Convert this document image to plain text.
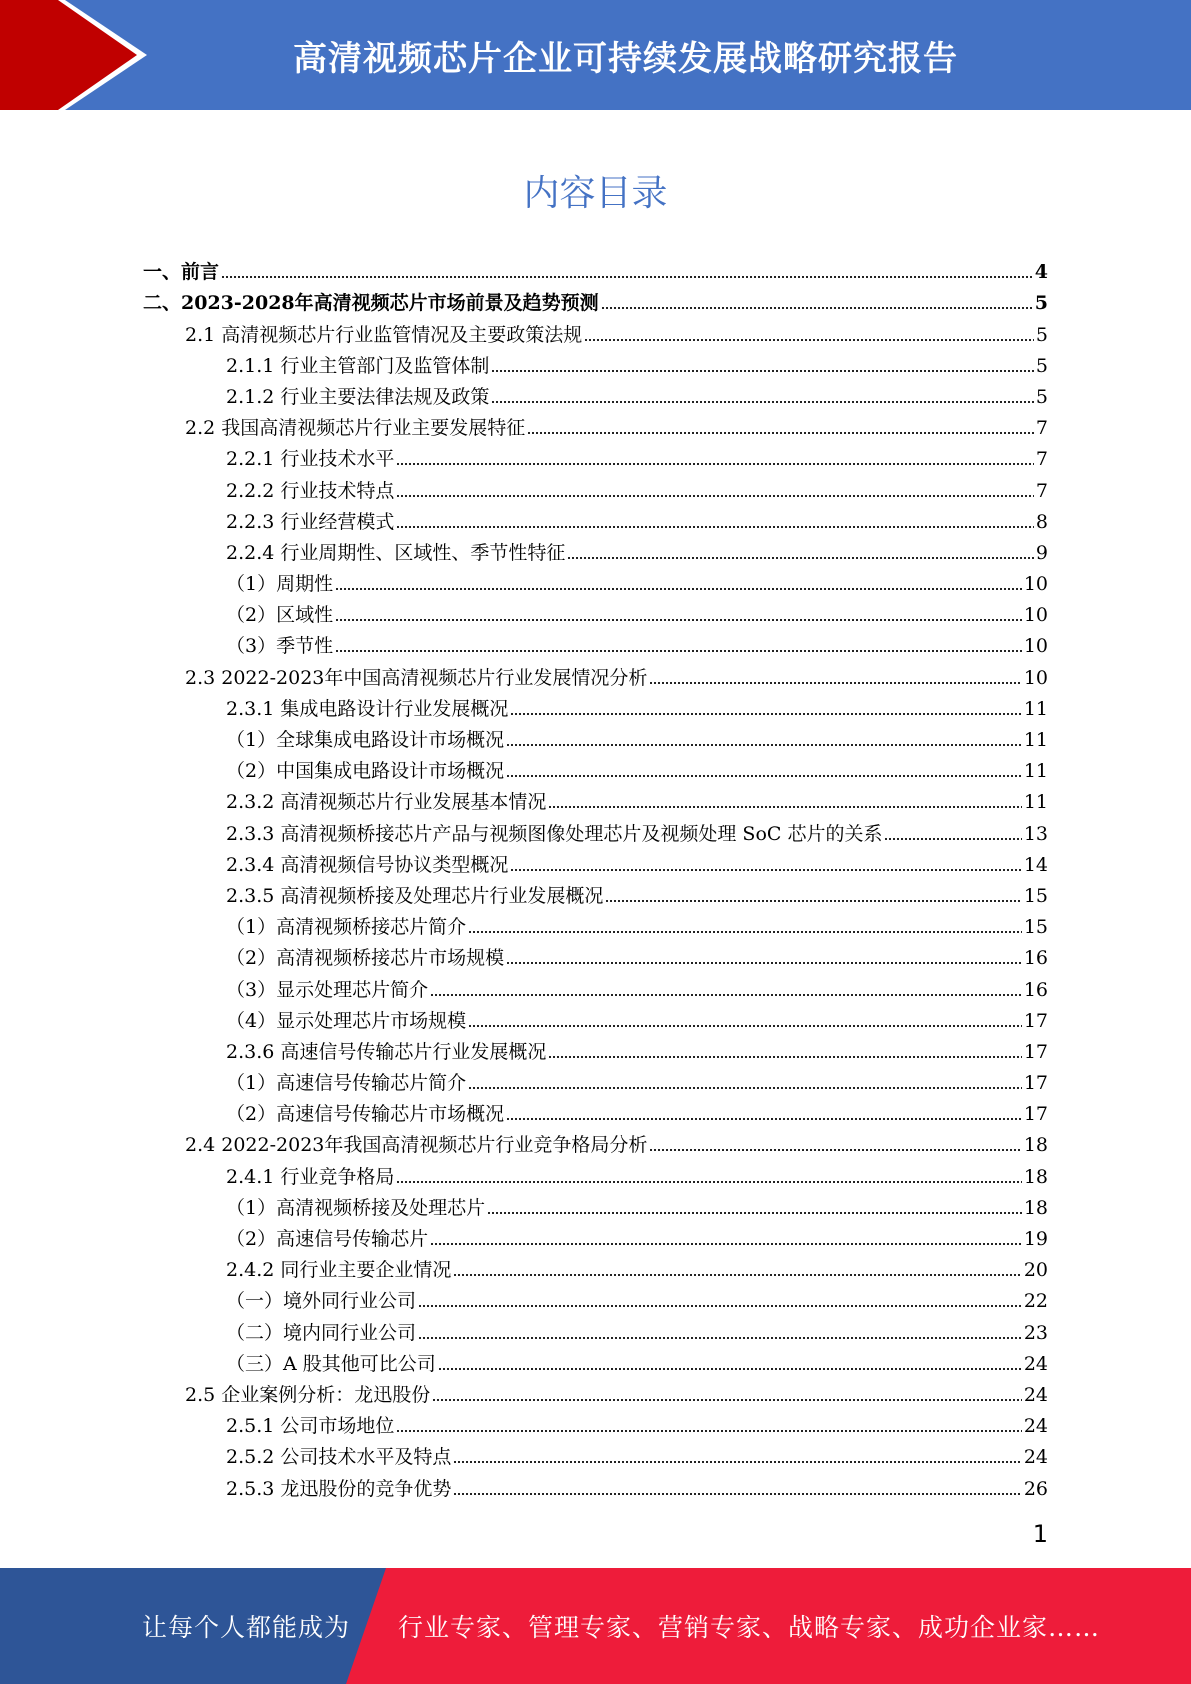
高清视频芯片企业可持续发展战略研究报告
内容目录
一、前言	4
二、2023-2028年高清视频芯片市场前景及趋势预测	5
2.1 高清视频芯片行业监管情况及主要政策法规	5
2.1.1 行业主管部门及监管体制	5
2.1.2 行业主要法律法规及政策	5
2.2 我国高清视频芯片行业主要发展特征	7
2.2.1 行业技术水平	7
2.2.2 行业技术特点	7
2.2.3 行业经营模式	8
2.2.4 行业周期性、区域性、季节性特征	9
（1）周期性	10
（2）区域性	10
（3）季节性	10
2.3 2022-2023年中国高清视频芯片行业发展情况分析	10
2.3.1 集成电路设计行业发展概况	11
（1）全球集成电路设计市场概况	11
（2）中国集成电路设计市场概况	11
2.3.2 高清视频芯片行业发展基本情况	11
2.3.3 高清视频桥接芯片产品与视频图像处理芯片及视频处理 SoC 芯片的关系	13
2.3.4 高清视频信号协议类型概况	14
2.3.5 高清视频桥接及处理芯片行业发展概况	15
（1）高清视频桥接芯片简介	15
（2）高清视频桥接芯片市场规模	16
（3）显示处理芯片简介	16
（4）显示处理芯片市场规模	17
2.3.6 高速信号传输芯片行业发展概况	17
（1）高速信号传输芯片简介	17
（2）高速信号传输芯片市场概况	17
2.4 2022-2023年我国高清视频芯片行业竞争格局分析	18
2.4.1 行业竞争格局	18
（1）高清视频桥接及处理芯片	18
（2）高速信号传输芯片	19
2.4.2 同行业主要企业情况	20
（一）境外同行业公司	22
（二）境内同行业公司	23
（三）A 股其他可比公司	24
2.5 企业案例分析：龙迅股份	24
2.5.1 公司市场地位	24
2.5.2 公司技术水平及特点	24
2.5.3 龙迅股份的竞争优势	26
1
让每个人都能成为 行业专家、管理专家、营销专家、战略专家、成功企业家……
